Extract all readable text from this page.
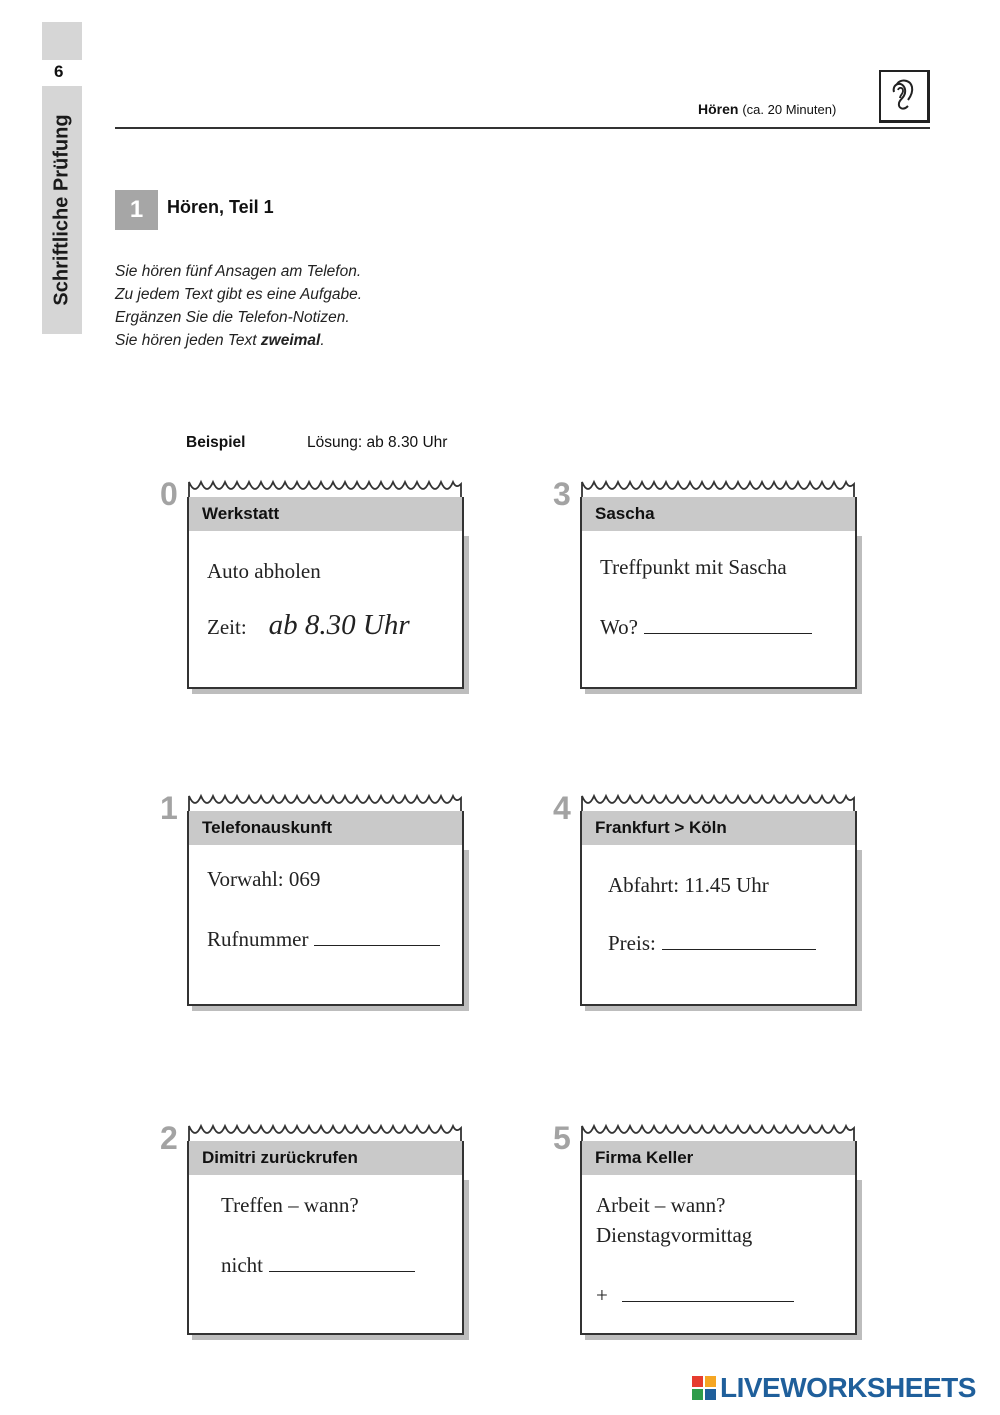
6
Schriftliche Prüfung
Hören (ca. 20 Minuten)
1	Hören, Teil 1
Sie hören fünf Ansagen am Telefon.
Zu jedem Text gibt es eine Aufgabe.
Ergänzen Sie die Telefon-Notizen.
Sie hören jeden Text zweimal.
Beispiel	Lösung: ab 8.30 Uhr
0
Werkstatt
Auto abholen
Zeit: ab 8.30 Uhr
1
Telefonauskunft
Vorwahl: 069
Rufnummer
2
Dimitri zurückrufen
Treffen – wann?
nicht
3
Sascha
Treffpunkt mit Sascha
Wo?
4
Frankfurt > Köln
Abfahrt: 11.45 Uhr
Preis:
5
Firma Keller
Arbeit – wann?
Dienstagvormittag
+
LIVEWORKSHEETS
